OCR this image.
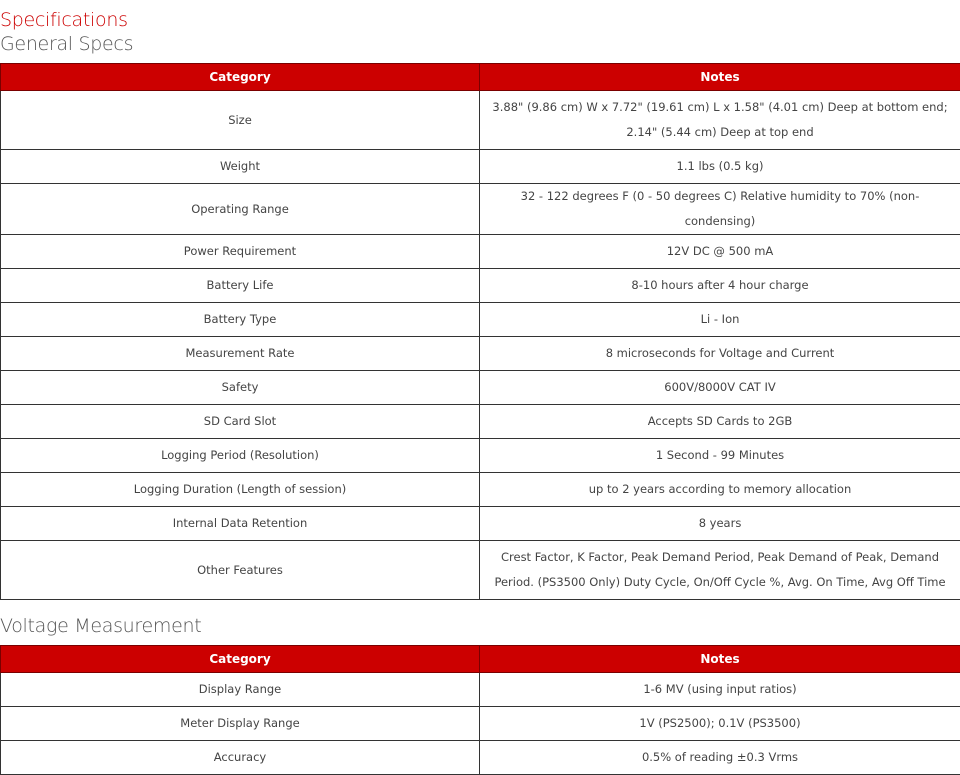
Specifications
General Specs
Category	Notes
Size	3.88" (9.86 cm) W x 7.72" (19.61 cm) L x 1.58" (4.01 cm) Deep at bottom end; 2.14" (5.44 cm) Deep at top end
Weight	1.1 lbs (0.5 kg)
Operating Range	32 - 122 degrees F (0 - 50 degrees C) Relative humidity to 70% (non-condensing)
Power Requirement	12V DC @ 500 mA
Battery Life	8-10 hours after 4 hour charge
Battery Type	Li - Ion
Measurement Rate	8 microseconds for Voltage and Current
Safety	600V/8000V CAT IV
SD Card Slot	Accepts SD Cards to 2GB
Logging Period (Resolution)	1 Second - 99 Minutes
Logging Duration (Length of session)	up to 2 years according to memory allocation
Internal Data Retention	8 years
Other Features	Crest Factor, K Factor, Peak Demand Period, Peak Demand of Peak, Demand Period. (PS3500 Only) Duty Cycle, On/Off Cycle %, Avg. On Time, Avg Off Time
Voltage Measurement
Category	Notes
Display Range	1-6 MV (using input ratios)
Meter Display Range	1V (PS2500); 0.1V (PS3500)
Accuracy	0.5% of reading ±0.3 Vrms
